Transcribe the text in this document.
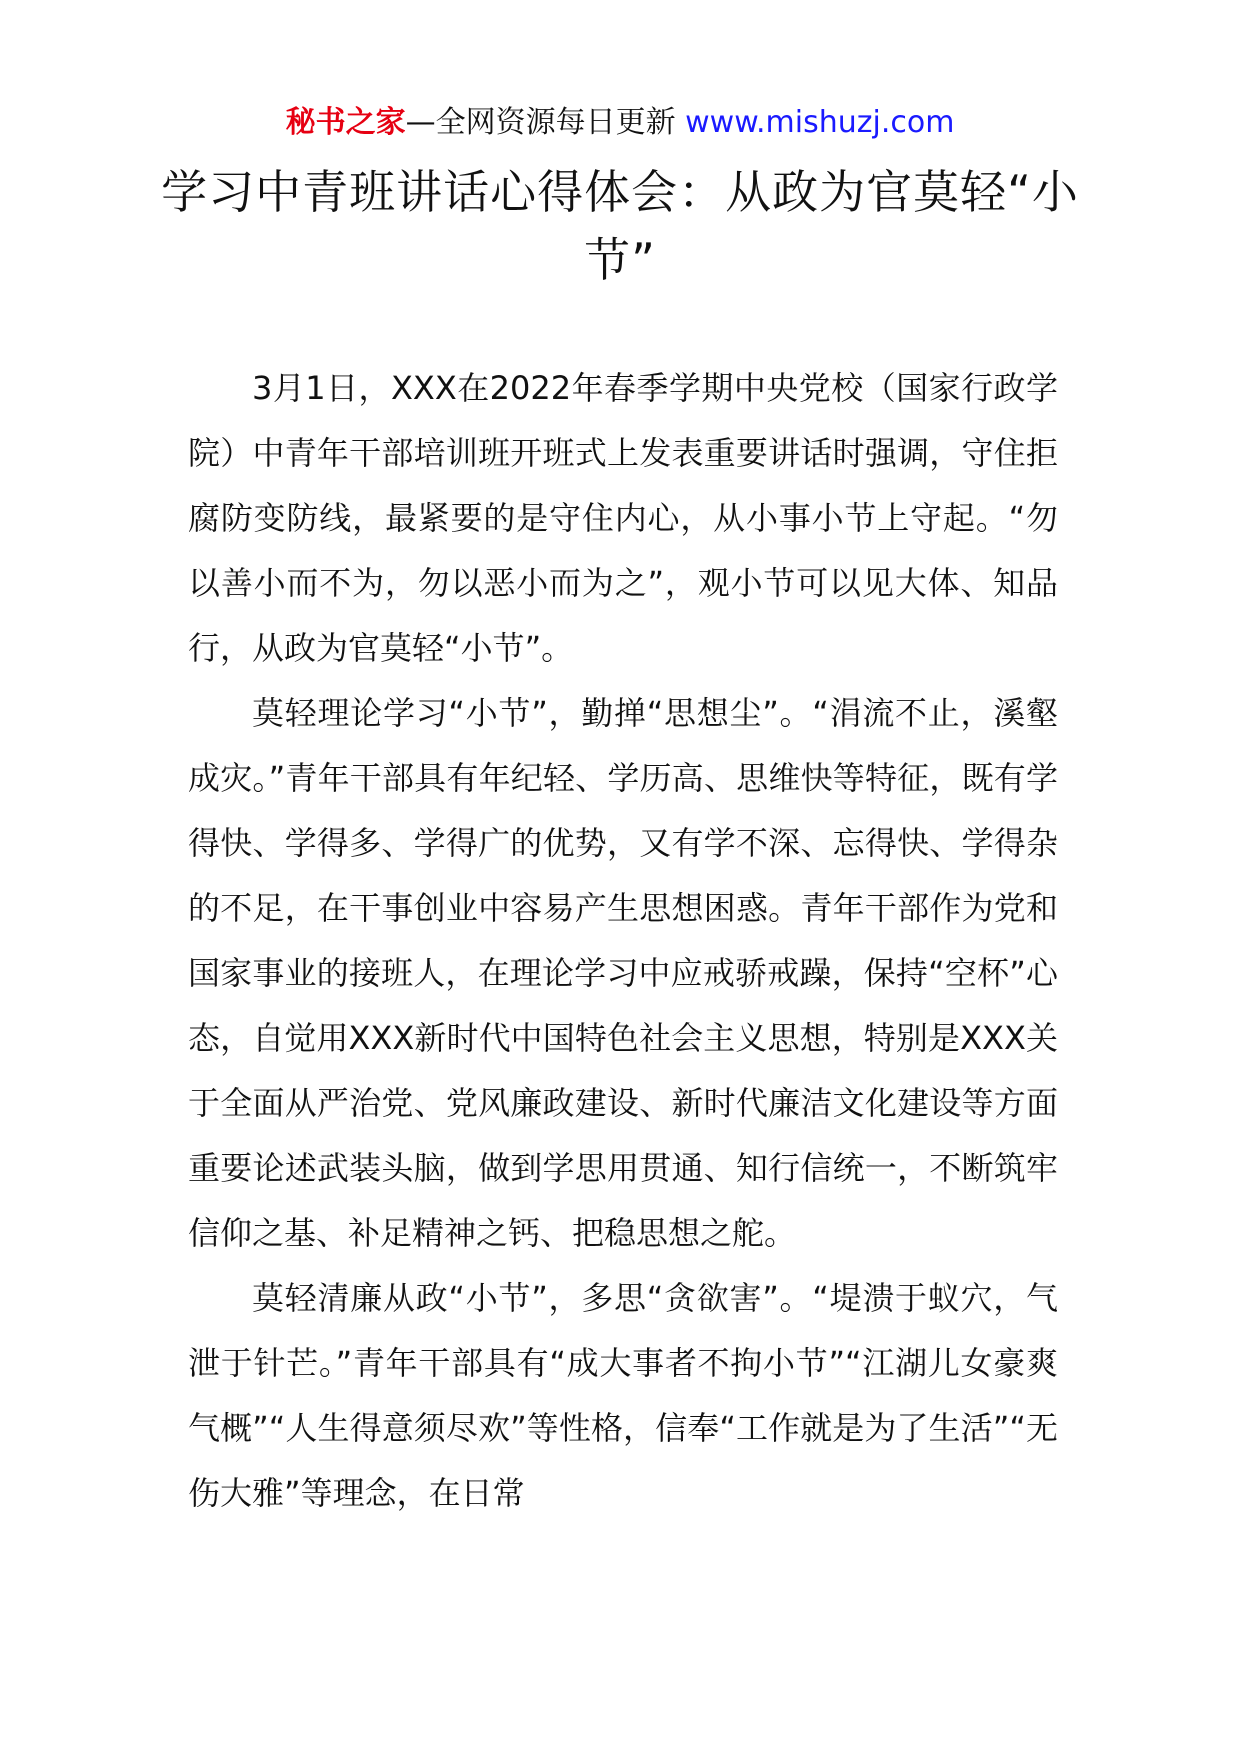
秘书之家—全网资源每日更新 www.mishuzj.com
学习中青班讲话心得体会：从政为官莫轻“小节”

3月1日，XXX在2022年春季学期中央党校（国家行政学院）中青年干部培训班开班式上发表重要讲话时强调，守住拒腐防变防线，最紧要的是守住内心，从小事小节上守起。“勿以善小而不为，勿以恶小而为之”，观小节可以见大体、知品行，从政为官莫轻“小节”。

莫轻理论学习“小节”，勤掸“思想尘”。“涓流不止，溪壑成灾。”青年干部具有年纪轻、学历高、思维快等特征，既有学得快、学得多、学得广的优势，又有学不深、忘得快、学得杂的不足，在干事创业中容易产生思想困惑。青年干部作为党和国家事业的接班人，在理论学习中应戒骄戒躁，保持“空杯”心态，自觉用XXX新时代中国特色社会主义思想，特别是XXX关于全面从严治党、党风廉政建设、新时代廉洁文化建设等方面重要论述武装头脑，做到学思用贯通、知行信统一，不断筑牢信仰之基、补足精神之钙、把稳思想之舵。

莫轻清廉从政“小节”，多思“贪欲害”。“堤溃于蚁穴，气泄于针芒。”青年干部具有“成大事者不拘小节”“江湖儿女豪爽气概”“人生得意须尽欢”等性格，信奉“工作就是为了生活”“无伤大雅”等理念，在日常
